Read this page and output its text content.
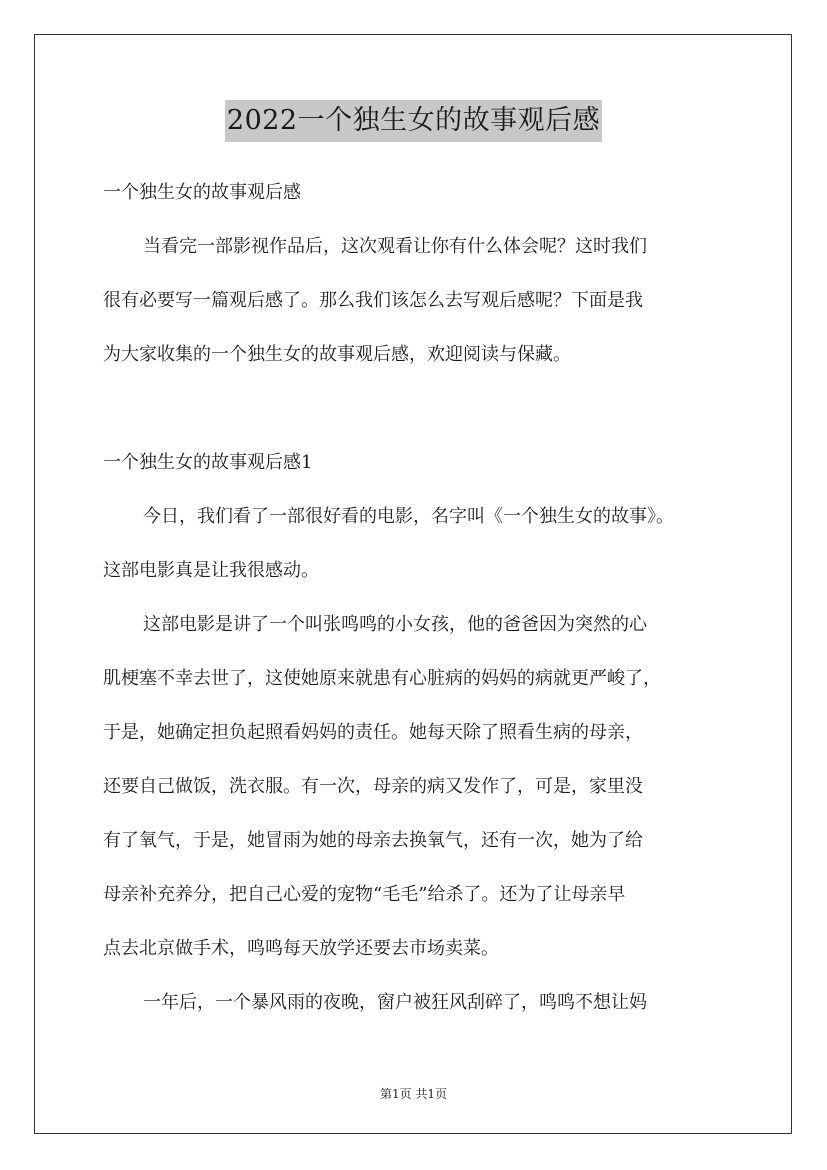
2022一个独生女的故事观后感
一个独生女的故事观后感
当看完一部影视作品后，这次观看让你有什么体会呢？这时我们
很有必要写一篇观后感了。那么我们该怎么去写观后感呢？下面是我
为大家收集的一个独生女的故事观后感，欢迎阅读与保藏。
一个独生女的故事观后感1
今日，我们看了一部很好看的电影，名字叫《一个独生女的故事》。
这部电影真是让我很感动。
这部电影是讲了一个叫张鸣鸣的小女孩，他的爸爸因为突然的心
肌梗塞不幸去世了，这使她原来就患有心脏病的妈妈的病就更严峻了，
于是，她确定担负起照看妈妈的责任。她每天除了照看生病的母亲，
还要自己做饭，洗衣服。有一次，母亲的病又发作了，可是，家里没
有了氧气，于是，她冒雨为她的母亲去换氧气，还有一次，她为了给
母亲补充养分，把自己心爱的宠物“毛毛”给杀了。还为了让母亲早
点去北京做手术，鸣鸣每天放学还要去市场卖菜。
一年后，一个暴风雨的夜晚，窗户被狂风刮碎了，鸣鸣不想让妈
第1页 共1页
